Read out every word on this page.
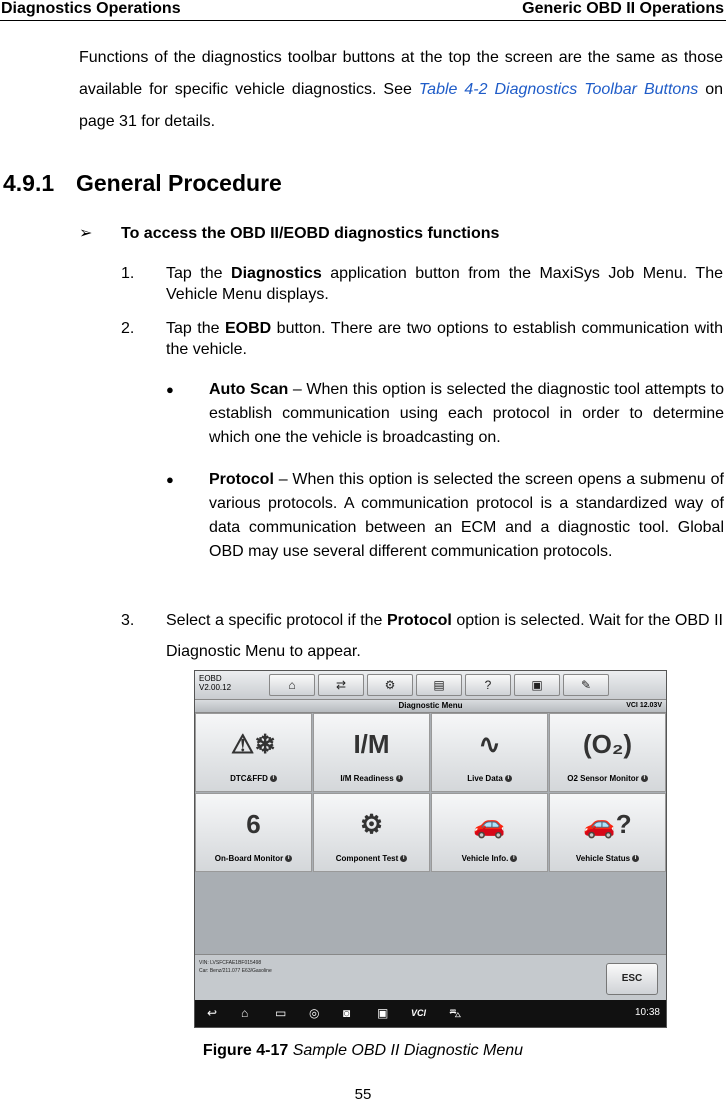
Diagnostics Operations	Generic OBD II Operations
Functions of the diagnostics toolbar buttons at the top the screen are the same as those available for specific vehicle diagnostics. See Table 4-2 Diagnostics Toolbar Buttons on page 31 for details.
4.9.1 General Procedure
➢ To access the OBD II/EOBD diagnostics functions
1. Tap the Diagnostics application button from the MaxiSys Job Menu. The Vehicle Menu displays.
2. Tap the EOBD button. There are two options to establish communication with the vehicle.
● Auto Scan – When this option is selected the diagnostic tool attempts to establish communication using each protocol in order to determine which one the vehicle is broadcasting on.
● Protocol – When this option is selected the screen opens a submenu of various protocols. A communication protocol is a standardized way of data communication between an ECM and a diagnostic tool. Global OBD may use several different communication protocols.
3. Select a specific protocol if the Protocol option is selected. Wait for the OBD II Diagnostic Menu to appear.
EOBD
V2.00.12	⌂	⇄	⚙	▤	?	▣	✎
Diagnostic Menu	VCI 12.03V
⚠❄
DTC&FFD i
I/M
I/M Readiness i
∿
Live Data i
(O₂)
O2 Sensor Monitor i
6
On-Board Monitor i
⚙
Component Test i
🚗
Vehicle Info. i
🚗?
Vehicle Status i
VIN: LVSFCFAE1BF015498
Car: Benz/211.077 E63/Gasoline
ESC
↩ ⌂ ▭ ◎ ◙ ▣	VCI ⛍	10:38
Figure 4-17 Sample OBD II Diagnostic Menu
55
